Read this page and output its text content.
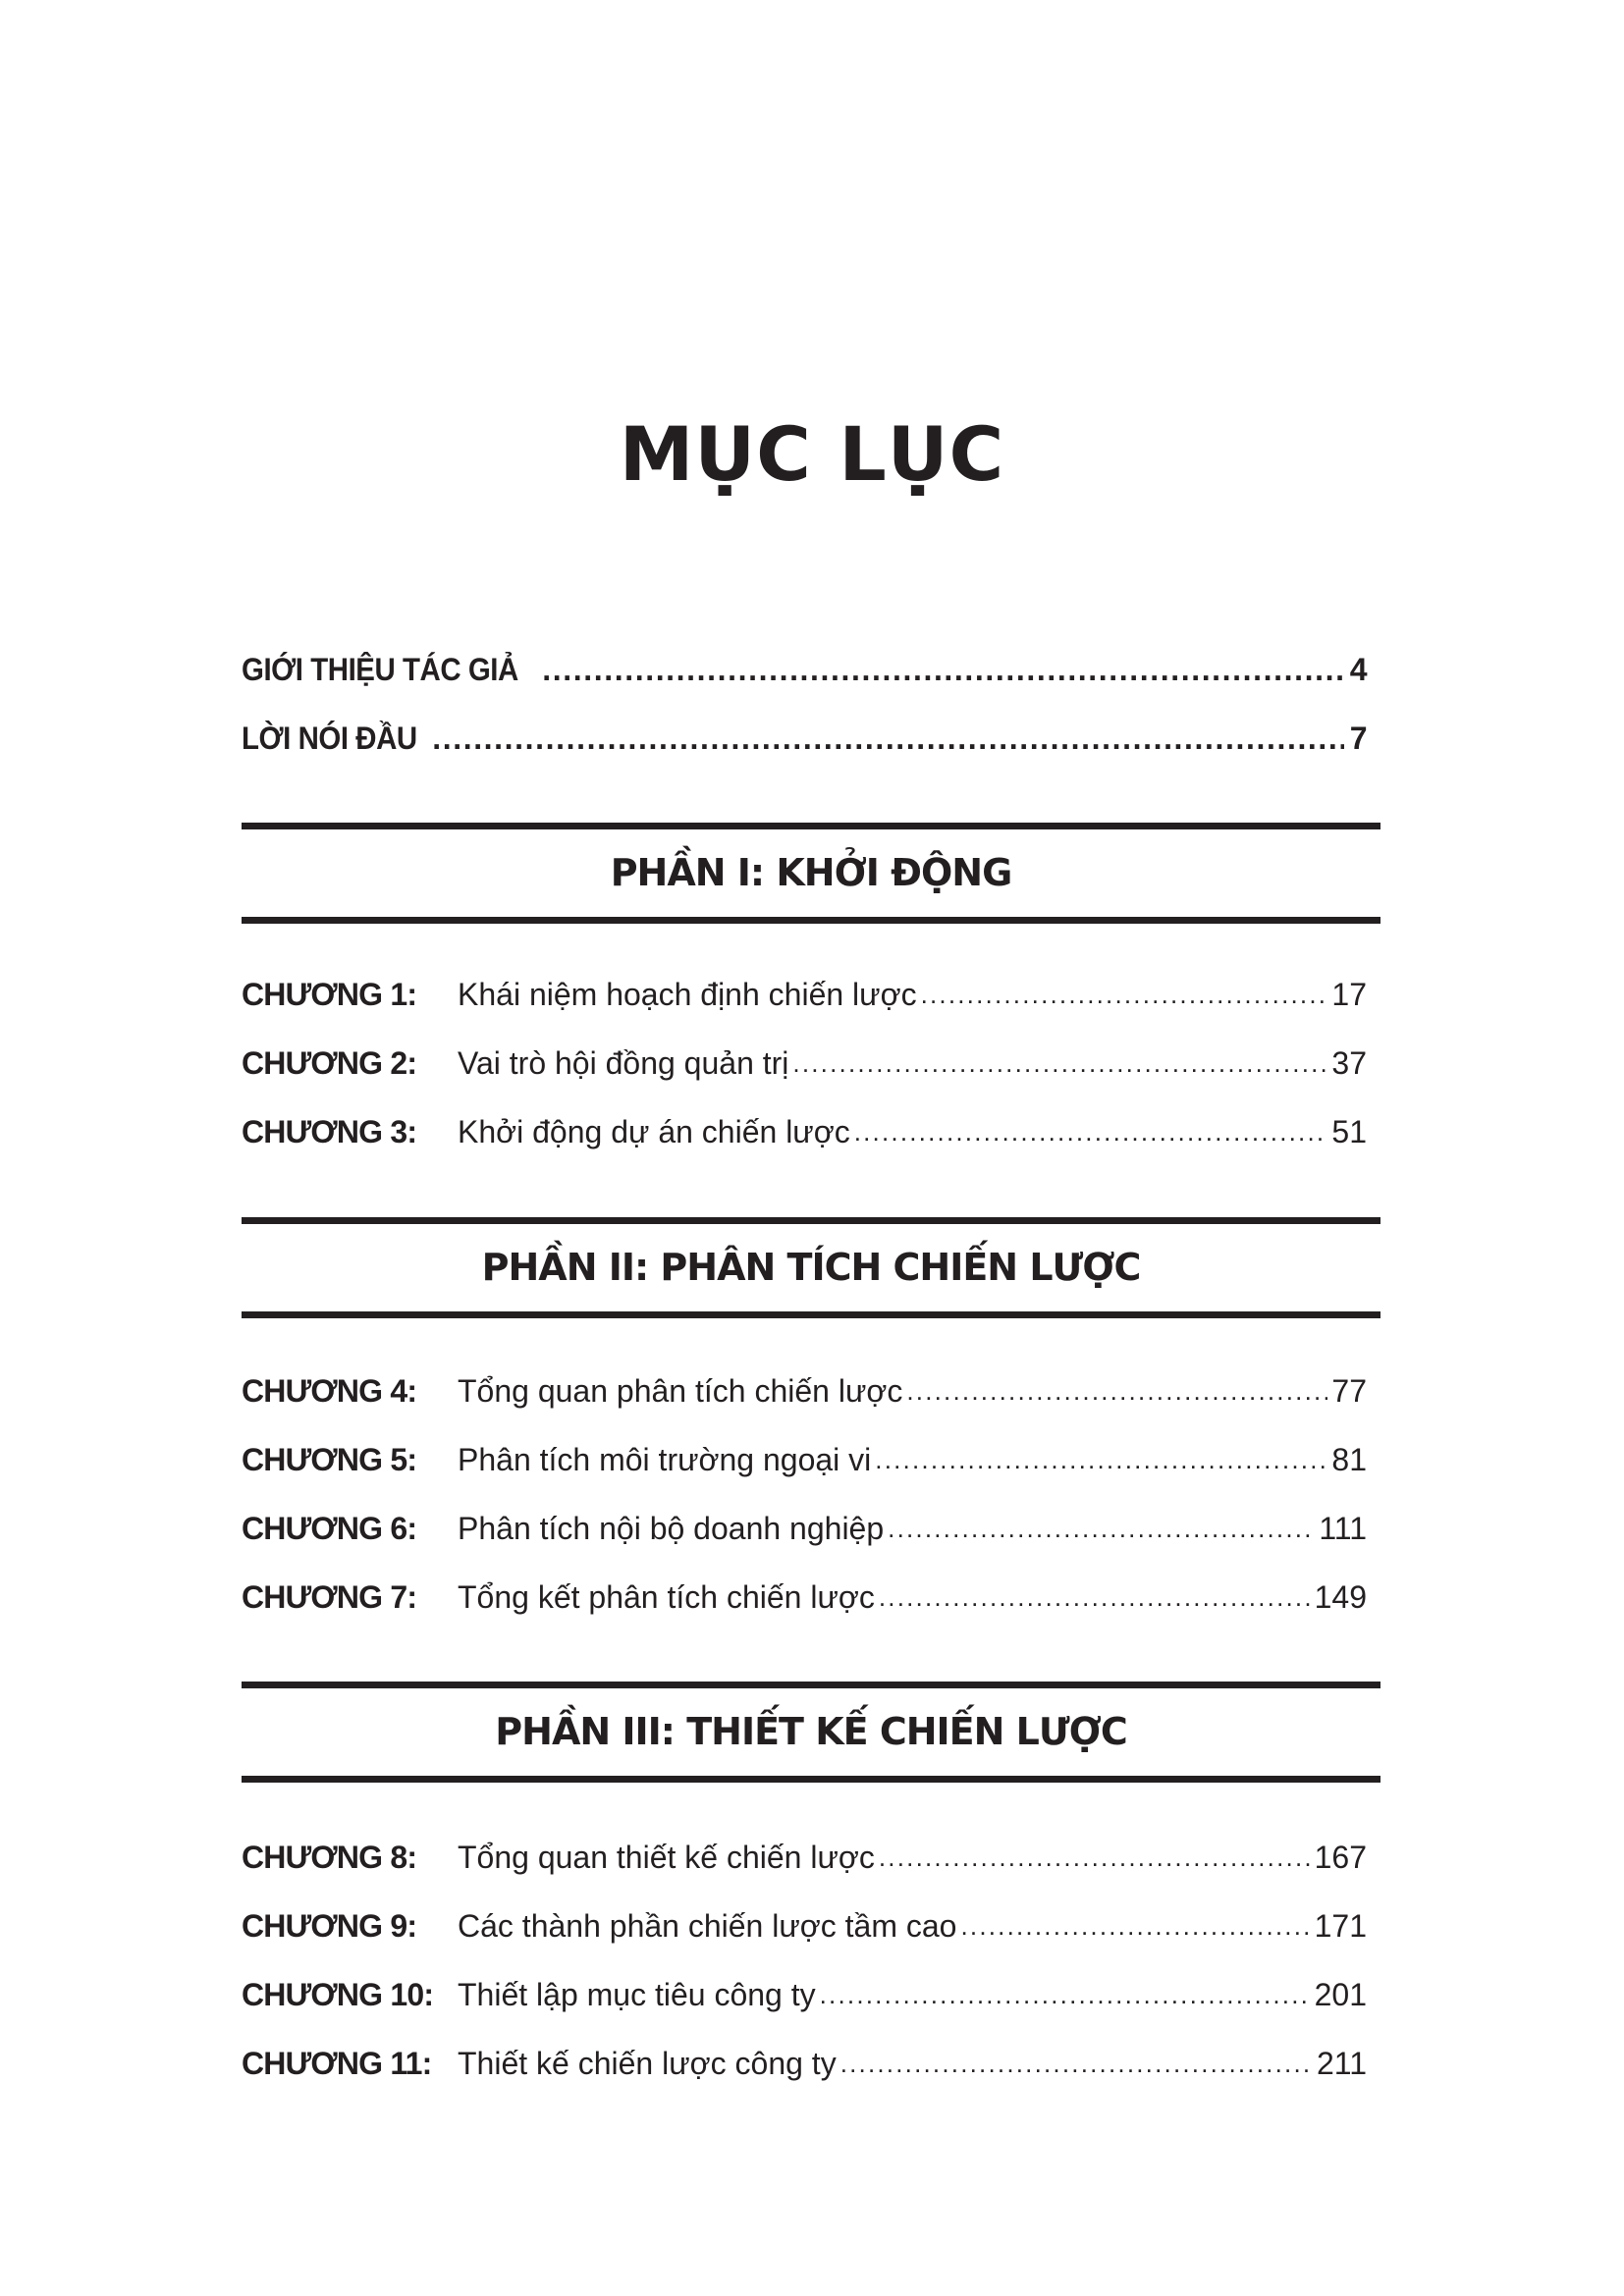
MỤC LỤC
GIỚI THIỆU TÁC GIẢ .....	4
LỜI NÓI ĐẦU .....	7
PHẦN I: KHỞI ĐỘNG
CHƯƠNG 1:	Khái niệm hoạch định chiến lược .....	17
CHƯƠNG 2:	Vai trò hội đồng quản trị .....	37
CHƯƠNG 3:	Khởi động dự án chiến lược .....	51
PHẦN II: PHÂN TÍCH CHIẾN LƯỢC
CHƯƠNG 4:	Tổng quan phân tích chiến lược .....	77
CHƯƠNG 5:	Phân tích môi trường ngoại vi .....	81
CHƯƠNG 6:	Phân tích nội bộ doanh nghiệp .....	111
CHƯƠNG 7:	Tổng kết phân tích chiến lược .....	149
PHẦN III: THIẾT KẾ CHIẾN LƯỢC
CHƯƠNG 8:	Tổng quan thiết kế chiến lược .....	167
CHƯƠNG 9:	Các thành phần chiến lược tầm cao .....	171
CHƯƠNG 10: Thiết lập mục tiêu công ty .....	201
CHƯƠNG 11: Thiết kế chiến lược công ty .....	211
